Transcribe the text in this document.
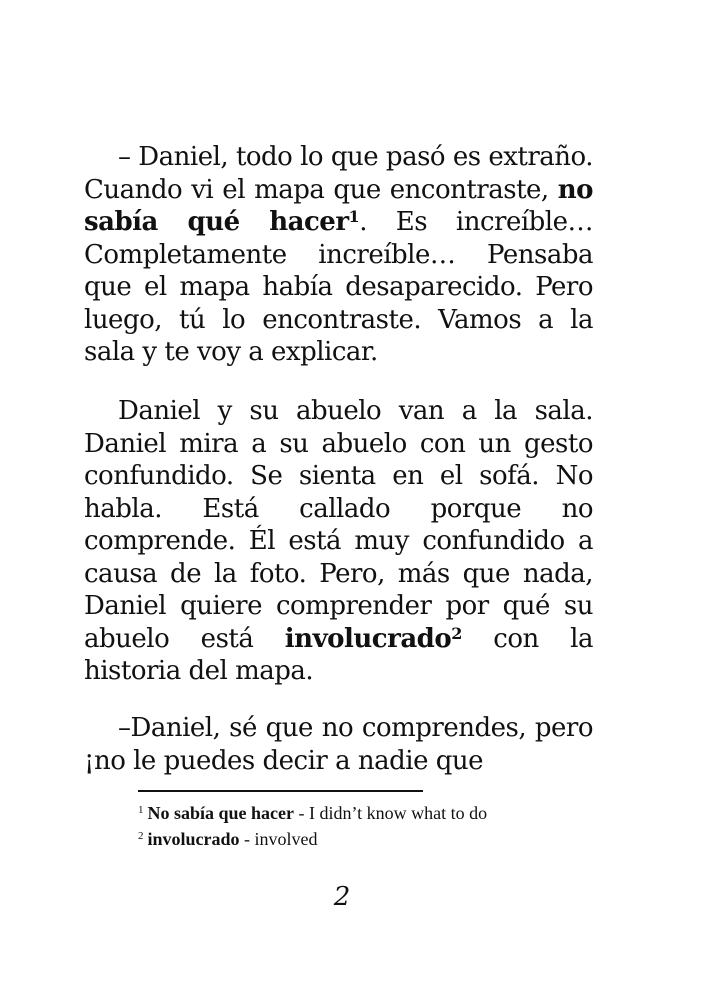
– Daniel, todo lo que pasó es extraño. Cuando vi el mapa que encontraste, no sabía qué hacer$^1$. Es increíble… Completamente increíble… Pensaba que el mapa había desaparecido. Pero luego, tú lo encontraste. Vamos a la sala y te voy a explicar.

Daniel y su abuelo van a la sala. Daniel mira a su abuelo con un gesto confundido. Se sienta en el sofá. No habla. Está callado porque no comprende. Él está muy confundido a causa de la foto. Pero, más que nada, Daniel quiere comprender por qué su abuelo está involucrado$^2$ con la historia del mapa.

–Daniel, sé que no comprendes, pero ¡no le puedes decir a nadie que

$^1$ No sabía que hacer - I didn’t know what to do

$^2$ involucrado - involved

2
